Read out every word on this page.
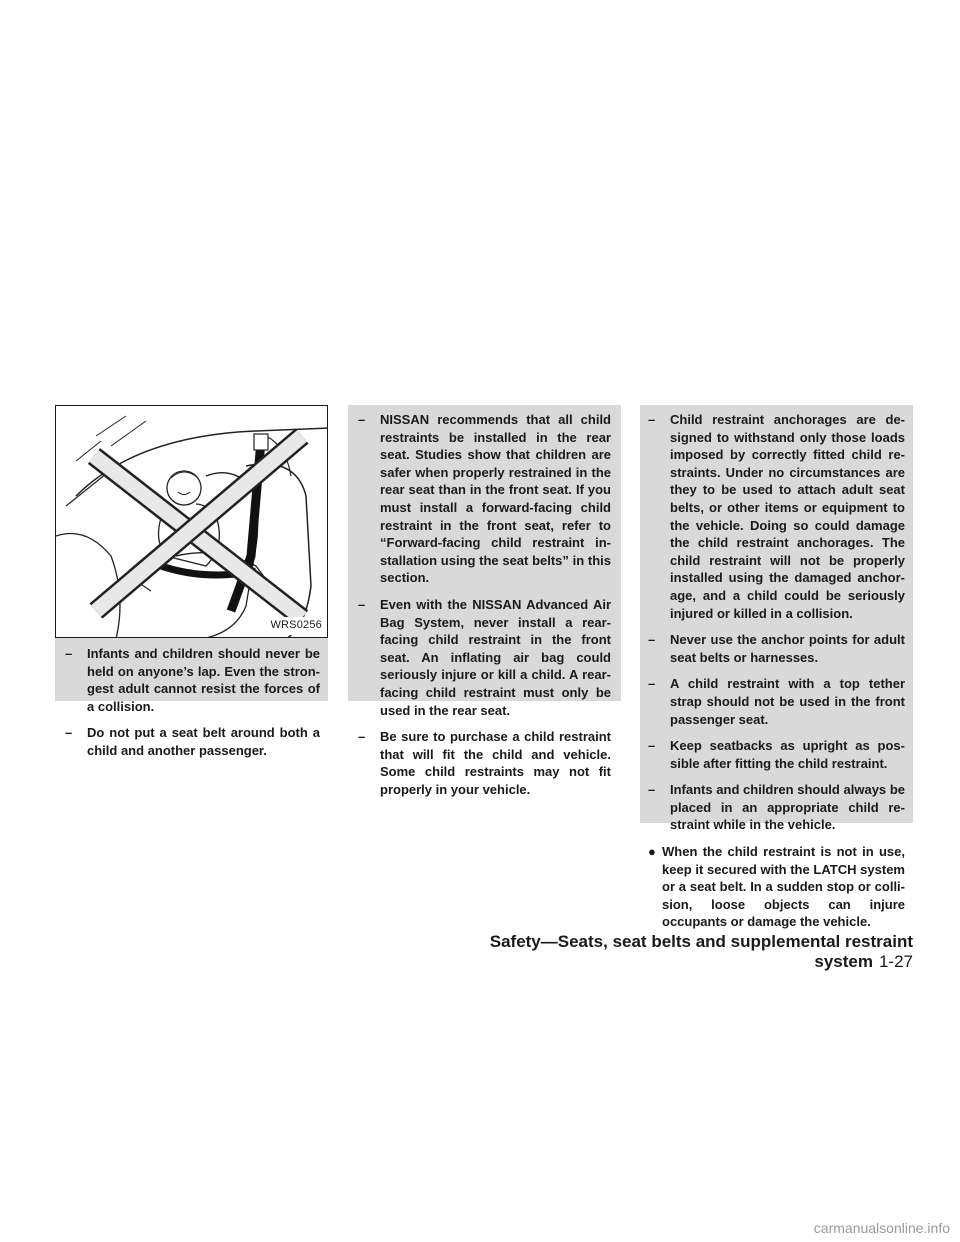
WRS0256

– Infants and children should never be held on anyone’s lap. Even the stron- gest adult cannot resist the forces of a collision.

– Do not put a seat belt around both a child and another passenger.

– NISSAN recommends that all child restraints be installed in the rear seat. Studies show that children are safer when properly restrained in the rear seat than in the front seat. If you must install a forward-facing child restraint in the front seat, refer to “Forward-facing child restraint in- stallation using the seat belts” in this section.

– Even with the NISSAN Advanced Air Bag System, never install a rear- facing child restraint in the front seat. An inflating air bag could seriously injure or kill a child. A rear-facing child restraint must only be used in the rear seat.

– Be sure to purchase a child restraint that will fit the child and vehicle. Some child restraints may not fit properly in your vehicle.

– Child restraint anchorages are de- signed to withstand only those loads imposed by correctly fitted child re- straints. Under no circumstances are they to be used to attach adult seat belts, or other items or equipment to the vehicle. Doing so could damage the child restraint anchorages. The child restraint will not be properly installed using the damaged anchor- age, and a child could be seriously injured or killed in a collision.

– Never use the anchor points for adult seat belts or harnesses.

– A child restraint with a top tether strap should not be used in the front passenger seat.

– Keep seatbacks as upright as pos- sible after fitting the child restraint.

– Infants and children should always be placed in an appropriate child re- straint while in the vehicle.

● When the child restraint is not in use, keep it secured with the LATCH system or a seat belt. In a sudden stop or colli- sion, loose objects can injure occupants or damage the vehicle.

Safety—Seats, seat belts and supplemental restraint system 1-27
carmanualsonline.info
